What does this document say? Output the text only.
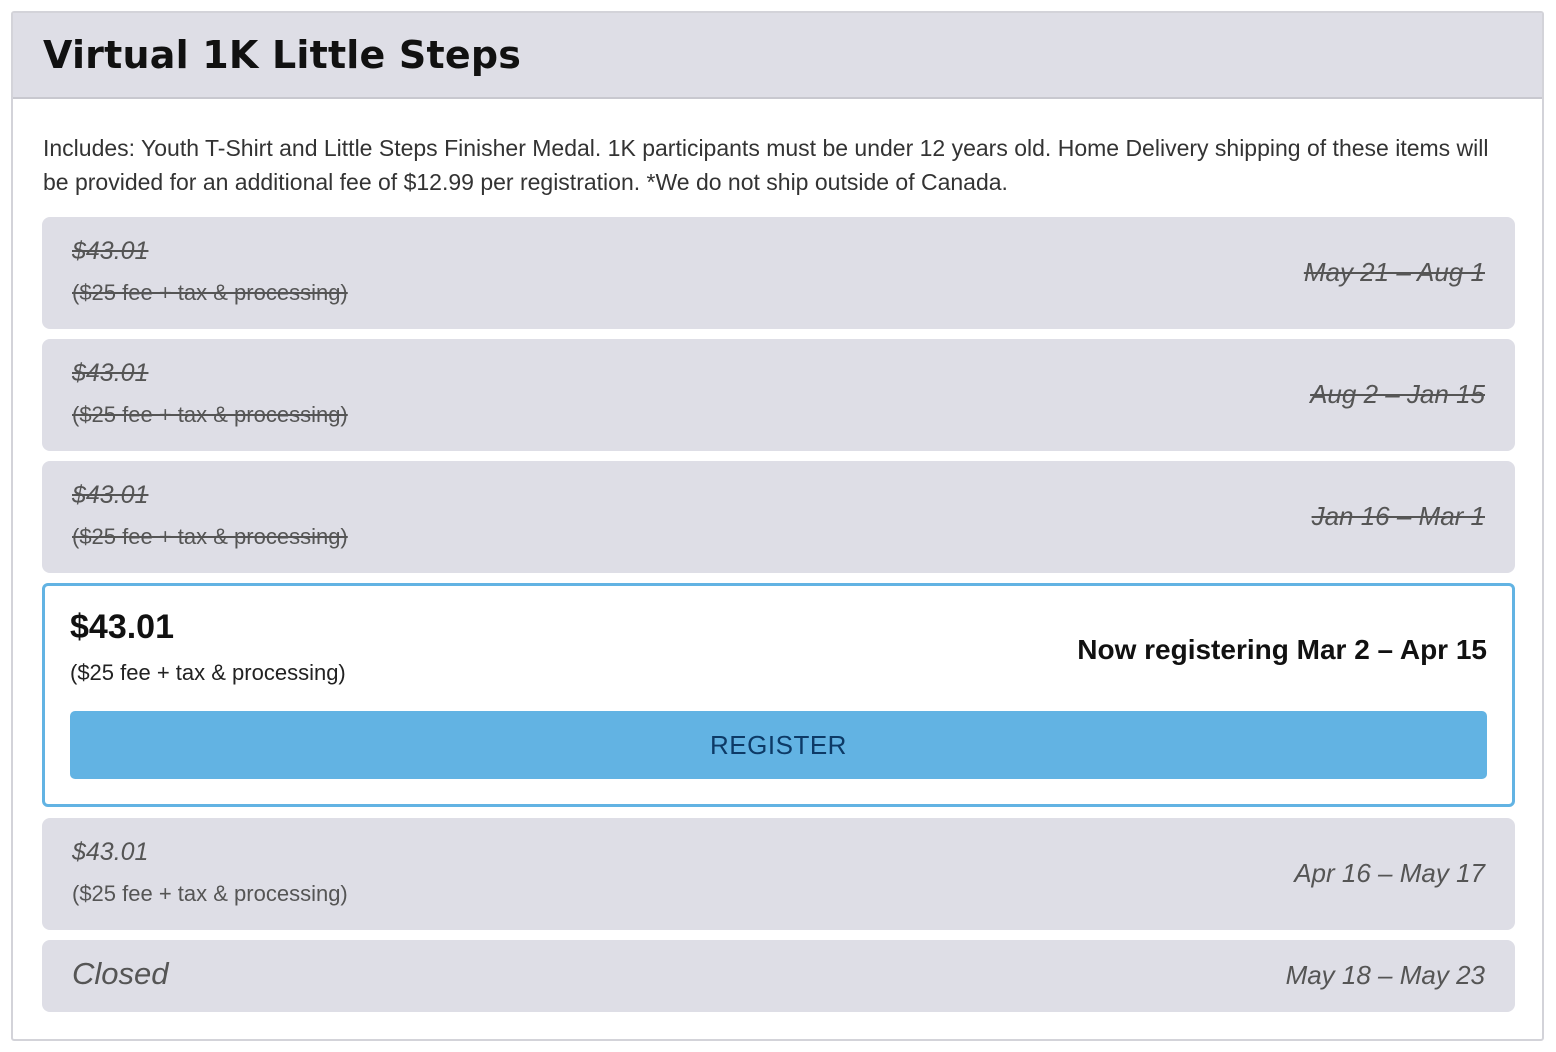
Virtual 1K Little Steps
Includes: Youth T-Shirt and Little Steps Finisher Medal. 1K participants must be under 12 years old. Home Delivery shipping of these items will be provided for an additional fee of $12.99 per registration. *We do not ship outside of Canada.
$43.01
($25 fee + tax & processing)
May 21 – Aug 1
$43.01
($25 fee + tax & processing)
Aug 2 – Jan 15
$43.01
($25 fee + tax & processing)
Jan 16 – Mar 1
$43.01
($25 fee + tax & processing)
Now registering Mar 2 – Apr 15
REGISTER
$43.01
($25 fee + tax & processing)
Apr 16 – May 17
Closed	May 18 – May 23
